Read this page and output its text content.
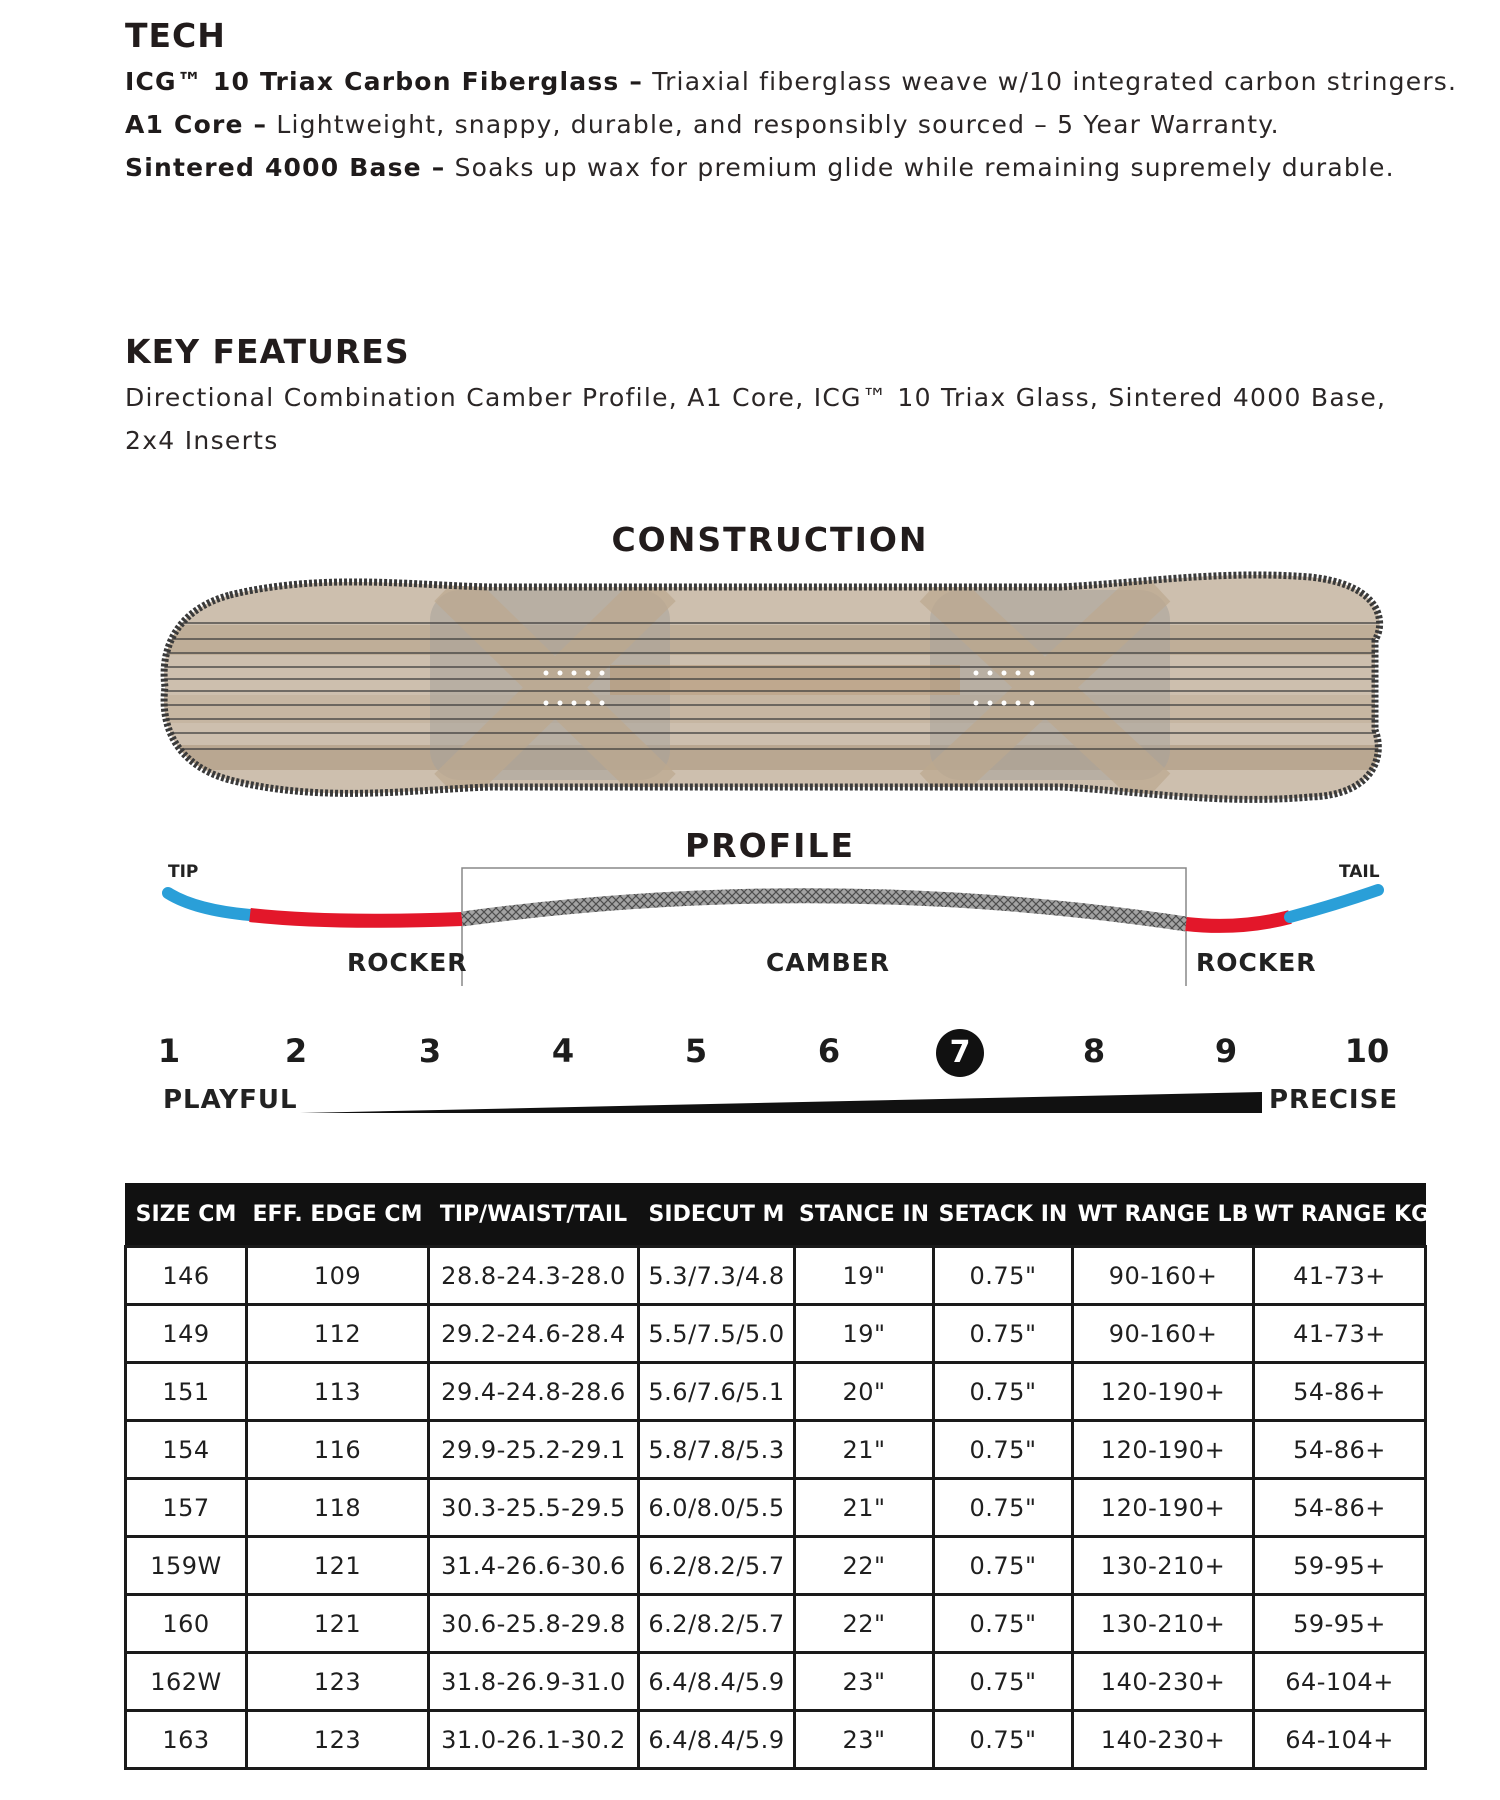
TECH

ICG™ 10 Triax Carbon Fiberglass – Triaxial fiberglass weave w/10 integrated carbon stringers.

A1 Core – Lightweight, snappy, durable, and responsibly sourced – 5 Year Warranty.

Sintered 4000 Base – Soaks up wax for premium glide while remaining supremely durable.

KEY FEATURES

Directional Combination Camber Profile, A1 Core, ICG™ 10 Triax Glass, Sintered 4000 Base, 2x4 Inserts

CONSTRUCTION
PROFILE
TIP	TAIL
ROCKER	CAMBER	ROCKER
1	2	3	4	5	6	7	8	9	10
PLAYFUL	PRECISE
SIZE CM	EFF. EDGE CM	TIP/WAIST/TAIL	SIDECUT M	STANCE IN	SETACK IN	WT RANGE LB	WT RANGE KG
146	109	28.8-24.3-28.0	5.3/7.3/4.8	19"	0.75"	90-160+	41-73+
149	112	29.2-24.6-28.4	5.5/7.5/5.0	19"	0.75"	90-160+	41-73+
151	113	29.4-24.8-28.6	5.6/7.6/5.1	20"	0.75"	120-190+	54-86+
154	116	29.9-25.2-29.1	5.8/7.8/5.3	21"	0.75"	120-190+	54-86+
157	118	30.3-25.5-29.5	6.0/8.0/5.5	21"	0.75"	120-190+	54-86+
159W	121	31.4-26.6-30.6	6.2/8.2/5.7	22"	0.75"	130-210+	59-95+
160	121	30.6-25.8-29.8	6.2/8.2/5.7	22"	0.75"	130-210+	59-95+
162W	123	31.8-26.9-31.0	6.4/8.4/5.9	23"	0.75"	140-230+	64-104+
163	123	31.0-26.1-30.2	6.4/8.4/5.9	23"	0.75"	140-230+	64-104+
